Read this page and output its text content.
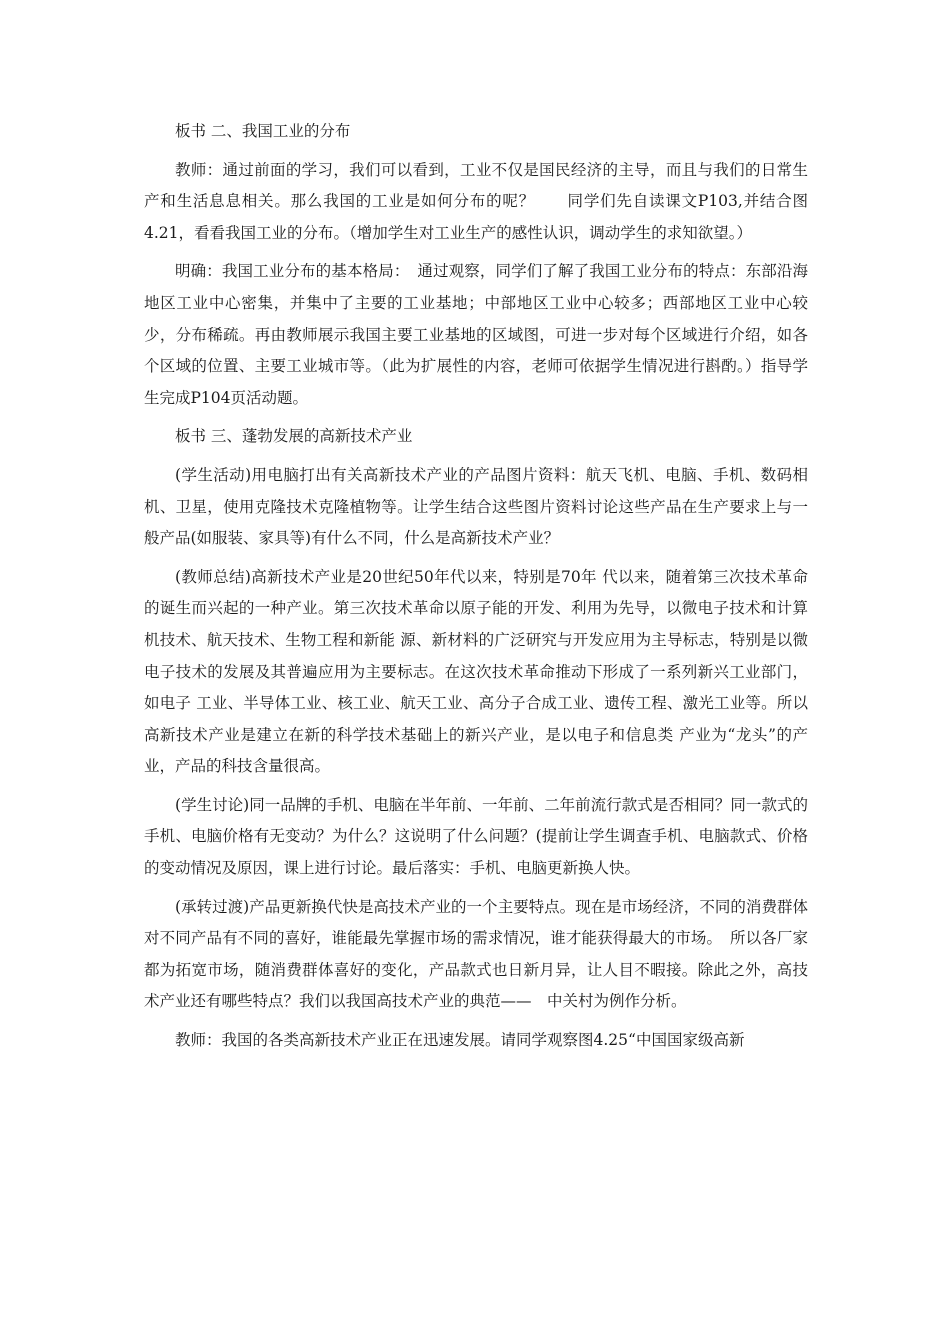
板书 二、我国工业的分布

教师：通过前面的学习，我们可以看到，工业不仅是国民经济的主导，而且与我们的日常生产和生活息息相关。那么我国的工业是如何分布的呢？　　同学们先自读课文P103,并结合图4.21，看看我国工业的分布。（增加学生对工业生产的感性认识，调动学生的求知欲望。）

明确：我国工业分布的基本格局：　通过观察，同学们了解了我国工业分布的特点：东部沿海地区工业中心密集，并集中了主要的工业基地；中部地区工业中心较多；西部地区工业中心较少，分布稀疏。再由教师展示我国主要工业基地的区域图，可进一步对每个区域进行介绍，如各个区域的位置、主要工业城市等。（此为扩展性的内容，老师可依据学生情况进行斟酌。）指导学生完成P104页活动题。

板书 三、蓬勃发展的高新技术产业

(学生活动)用电脑打出有关高新技术产业的产品图片资料：航天飞机、电脑、手机、数码相机、卫星，使用克隆技术克隆植物等。让学生结合这些图片资料讨论这些产品在生产要求上与一般产品(如服装、家具等)有什么不同，什么是高新技术产业？

(教师总结)高新技术产业是20世纪50年代以来，特别是70年 代以来，随着第三次技术革命的诞生而兴起的一种产业。第三次技术革命以原子能的开发、利用为先导，以微电子技术和计算机技术、航天技术、生物工程和新能 源、新材料的广泛研究与开发应用为主导标志，特别是以微电子技术的发展及其普遍应用为主要标志。在这次技术革命推动下形成了一系列新兴工业部门，如电子 工业、半导体工业、核工业、航天工业、高分子合成工业、遗传工程、激光工业等。所以高新技术产业是建立在新的科学技术基础上的新兴产业，是以电子和信息类 产业为“龙头”的产业，产品的科技含量很高。

(学生讨论)同一品牌的手机、电脑在半年前、一年前、二年前流行款式是否相同？同一款式的手机、电脑价格有无变动？为什么？这说明了什么问题？(提前让学生调查手机、电脑款式、价格的变动情况及原因，课上进行讨论。最后落实：手机、电脑更新换人快。

(承转过渡)产品更新换代快是高技术产业的一个主要特点。现在是市场经济，不同的消费群体对不同产品有不同的喜好，谁能最先掌握市场的需求情况，谁才能获得最大的市场。　所以各厂家都为拓宽市场，随消费群体喜好的变化，产品款式也日新月异，让人目不暇接。除此之外，高技术产业还有哪些特点？我们以我国高技术产业的典范——　中关村为例作分析。

教师：我国的各类高新技术产业正在迅速发展。请同学观察图4.25“中国国家级高新
